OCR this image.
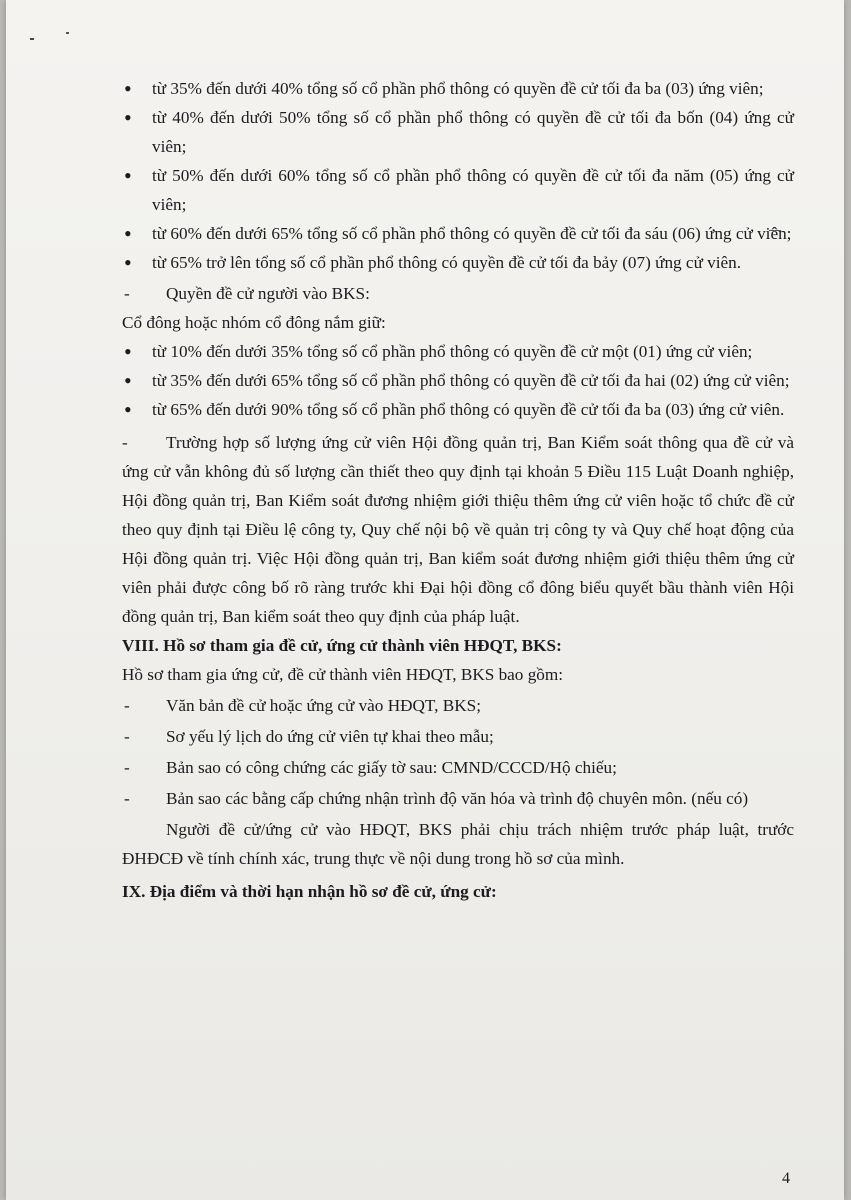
• từ 35% đến dưới 40% tổng số cổ phần phổ thông có quyền đề cử tối đa ba (03) ứng viên;
• từ 40% đến dưới 50% tổng số cổ phần phổ thông có quyền đề cử tối đa bốn (04) ứng cử viên;
• từ 50% đến dưới 60% tổng số cổ phần phổ thông có quyền đề cử tối đa năm (05) ứng cử viên;
• từ 60% đến dưới 65% tổng số cổ phần phổ thông có quyền đề cử tối đa sáu (06) ứng cử viên;
• từ 65% trở lên tổng số cổ phần phổ thông có quyền đề cử tối đa bảy (07) ứng cử viên.
- Quyền đề cử người vào BKS:
Cổ đông hoặc nhóm cổ đông nắm giữ:
• từ 10% đến dưới 35% tổng số cổ phần phổ thông có quyền đề cử một (01) ứng cử viên;
• từ 35% đến dưới 65% tổng số cổ phần phổ thông có quyền đề cử tối đa hai (02) ứng cử viên;
• từ 65% đến dưới 90% tổng số cổ phần phổ thông có quyền đề cử tối đa ba (03) ứng cử viên.
- Trường hợp số lượng ứng cử viên Hội đồng quản trị, Ban Kiểm soát thông qua đề cử và ứng cử vẫn không đủ số lượng cần thiết theo quy định tại khoản 5 Điều 115 Luật Doanh nghiệp, Hội đồng quản trị, Ban Kiểm soát đương nhiệm giới thiệu thêm ứng cử viên hoặc tổ chức đề cử theo quy định tại Điều lệ công ty, Quy chế nội bộ về quản trị công ty và Quy chế hoạt động của Hội đồng quản trị. Việc Hội đồng quản trị, Ban kiểm soát đương nhiệm giới thiệu thêm ứng cử viên phải được công bố rõ ràng trước khi Đại hội đồng cổ đông biểu quyết bầu thành viên Hội đồng quản trị, Ban kiểm soát theo quy định của pháp luật.
VIII. Hồ sơ tham gia đề cử, ứng cử thành viên HĐQT, BKS:
Hồ sơ tham gia ứng cử, đề cử thành viên HĐQT, BKS bao gồm:
- Văn bản đề cử hoặc ứng cử vào HĐQT, BKS;
- Sơ yếu lý lịch do ứng cử viên tự khai theo mẫu;
- Bản sao có công chứng các giấy tờ sau: CMND/CCCD/Hộ chiếu;
- Bản sao các bằng cấp chứng nhận trình độ văn hóa và trình độ chuyên môn. (nếu có)
Người đề cử/ứng cử vào HĐQT, BKS phải chịu trách nhiệm trước pháp luật, trước ĐHĐCĐ về tính chính xác, trung thực về nội dung trong hồ sơ của mình.
IX. Địa điểm và thời hạn nhận hồ sơ đề cử, ứng cử:
4
